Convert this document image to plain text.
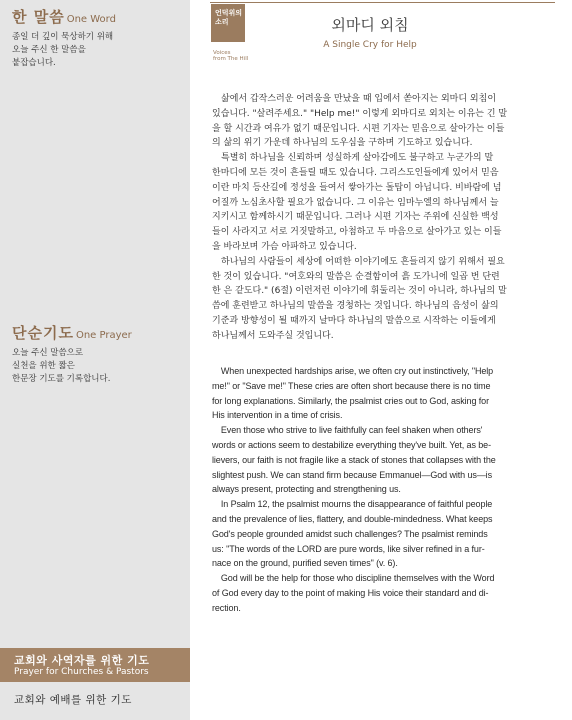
한 말씀 One Word
종일 더 깊이 묵상하기 위해
오늘 주신 한 말씀을
붙잡습니다.
단순기도 One Prayer
오늘 주신 말씀으로
실천을 위한 짧은
한문장 기도를 기록합니다.
교회와 사역자를 위한 기도
Prayer for Churches & Pastors
교회와 예배를 위한 기도
언덕위의
소리
Voices
from The Hill
외마디 외침
A Single Cry for Help
　삶에서 갑작스러운 어려움을 만났을 때 입에서 쏟아지는 외마디 외침이
있습니다. "살려주세요." "Help me!" 이렇게 외마디로 외치는 이유는 긴 말
을 할 시간과 여유가 없기 때문입니다. 시편 기자는 믿음으로 살아가는 이들
의 삶의 위기 가운데 하나님의 도우심을 구하며 기도하고 있습니다.
　특별히 하나님을 신뢰하며 성실하게 살아감에도 불구하고 누군가의 말
한마디에 모든 것이 흔들릴 때도 있습니다. 그리스도인들에게 있어서 믿음
이란 마치 등산길에 정성을 들여서 쌓아가는 돌탑이 아닙니다. 비바람에 넘
어질까 노심초사할 필요가 없습니다. 그 이유는 임마누엘의 하나님께서 늘
지키시고 함께하시기 때문입니다. 그러나 시편 기자는 주위에 신실한 백성
들이 사라지고 서로 거짓말하고, 아첨하고 두 마음으로 살아가고 있는 이들
을 바라보며 가슴 아파하고 있습니다.
　하나님의 사람들이 세상에 어떠한 이야기에도 흔들리지 않기 위해서 필요
한 것이 있습니다. "여호와의 말씀은 순결함이여 흙 도가니에 일곱 번 단련
한 은 같도다." (6절) 이런저런 이야기에 휘둘리는 것이 아니라, 하나님의 말
씀에 훈련받고 하나님의 말씀을 경청하는 것입니다. 하나님의 음성이 삶의
기준과 방향성이 될 때까지 날마다 하나님의 말씀으로 시작하는 이들에게
하나님께서 도와주실 것입니다.
　When unexpected hardships arise, we often cry out instinctively, "Help
me!" or "Save me!" These cries are often short because there is no time
for long explanations. Similarly, the psalmist cries out to God, asking for
His intervention in a time of crisis.
　Even those who strive to live faithfully can feel shaken when others'
words or actions seem to destabilize everything they've built. Yet, as be-
lievers, our faith is not fragile like a stack of stones that collapses with the
slightest push. We can stand firm because Emmanuel—God with us—is
always present, protecting and strengthening us.
　In Psalm 12, the psalmist mourns the disappearance of faithful people
and the prevalence of lies, flattery, and double-mindedness. What keeps
God's people grounded amidst such challenges? The psalmist reminds
us: "The words of the LORD are pure words, like silver refined in a fur-
nace on the ground, purified seven times" (v. 6).
　God will be the help for those who discipline themselves with the Word
of God every day to the point of making His voice their standard and di-
rection.
